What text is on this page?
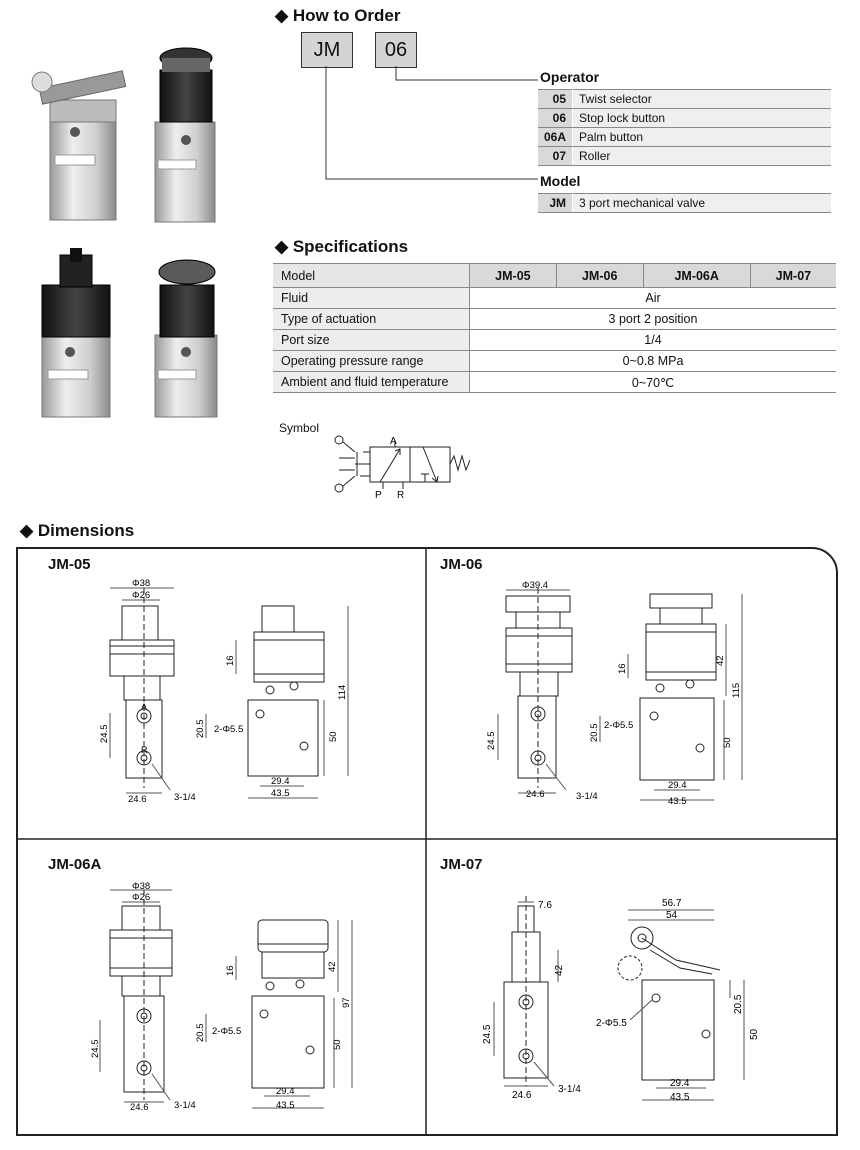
◆ How to Order
JM	06
Operator
05	Twist selector
06	Stop lock button
06A	Palm button
07	Roller
Model
JM	3 port mechanical valve
◆ Specifications
Model	JM-05	JM-06	JM-06A	JM-07
Fluid	Air			
Type of actuation	3 port 2 position			
Port size	1/4			
Operating pressure range	0~0.8 MPa			
Ambient and fluid temperature	0~70℃			
Symbol
A
P R
◆ Dimensions
JM-05
Φ38
Φ26
A
R
24.5
24.6	3-1/4
16
114
50
20.5 2-Φ5.5
29.4
43.5
JM-06
Φ39.4
24.5
24.6	3-1/4
16
42
115
50
20.5 2-Φ5.5
29.4
43.5
JM-06A
Φ38
Φ26
24.5
24.6	3-1/4
16	42
97
50
20.5 2-Φ5.5
29.4
43.5
JM-07
7.6	56.7
54
42
24.5
24.6
3-1/4
2-Φ5.5
20.5
50
29.4
43.5
